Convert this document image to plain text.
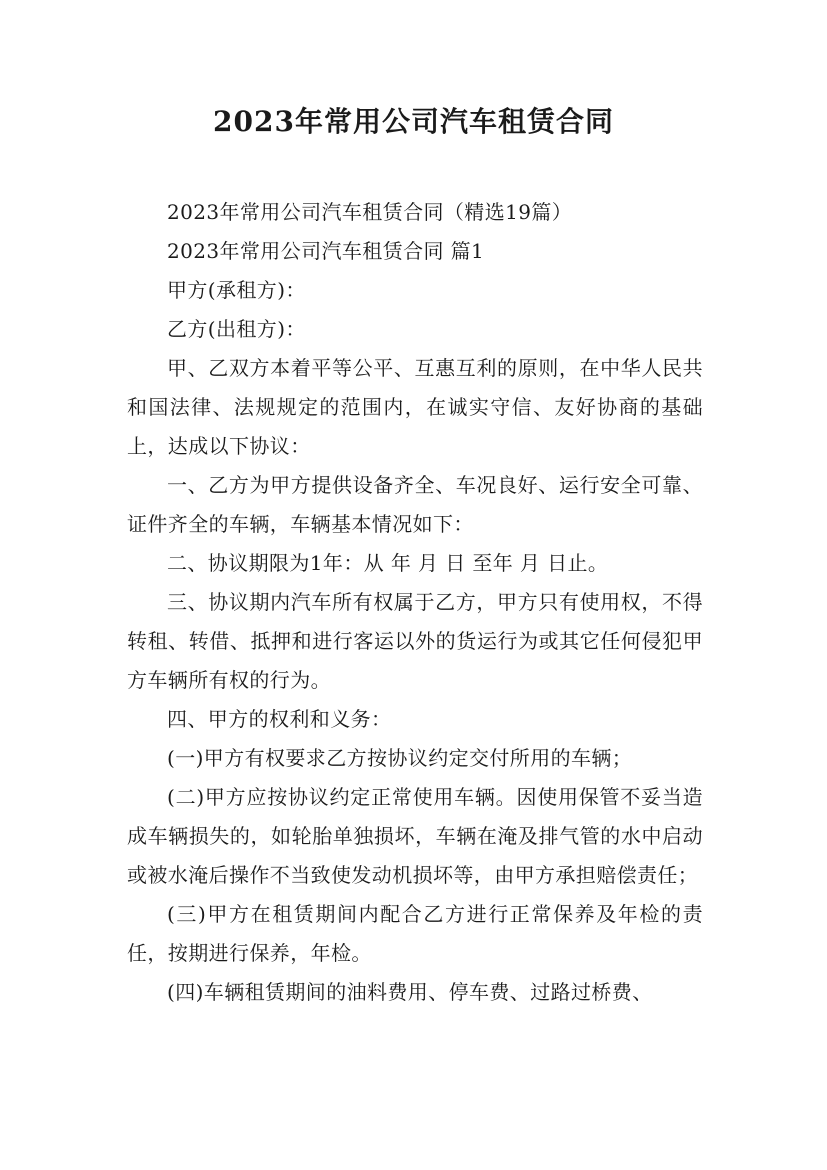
2023年常用公司汽车租赁合同

2023年常用公司汽车租赁合同（精选19篇）

2023年常用公司汽车租赁合同 篇1

甲方(承租方)：

乙方(出租方)：

甲、乙双方本着平等公平、互惠互利的原则，在中华人民共和国法律、法规规定的范围内，在诚实守信、友好协商的基础上，达成以下协议：

一、乙方为甲方提供设备齐全、车况良好、运行安全可靠、证件齐全的车辆，车辆基本情况如下：

二、协议期限为1年：从 年 月 日 至年 月 日止。

三、协议期内汽车所有权属于乙方，甲方只有使用权，不得转租、转借、抵押和进行客运以外的货运行为或其它任何侵犯甲方车辆所有权的行为。

四、甲方的权利和义务：

(一)甲方有权要求乙方按协议约定交付所用的车辆；

(二)甲方应按协议约定正常使用车辆。因使用保管不妥当造成车辆损失的，如轮胎单独损坏，车辆在淹及排气管的水中启动或被水淹后操作不当致使发动机损坏等，由甲方承担赔偿责任；

(三)甲方在租赁期间内配合乙方进行正常保养及年检的责任，按期进行保养，年检。

(四)车辆租赁期间的油料费用、停车费、过路过桥费、
